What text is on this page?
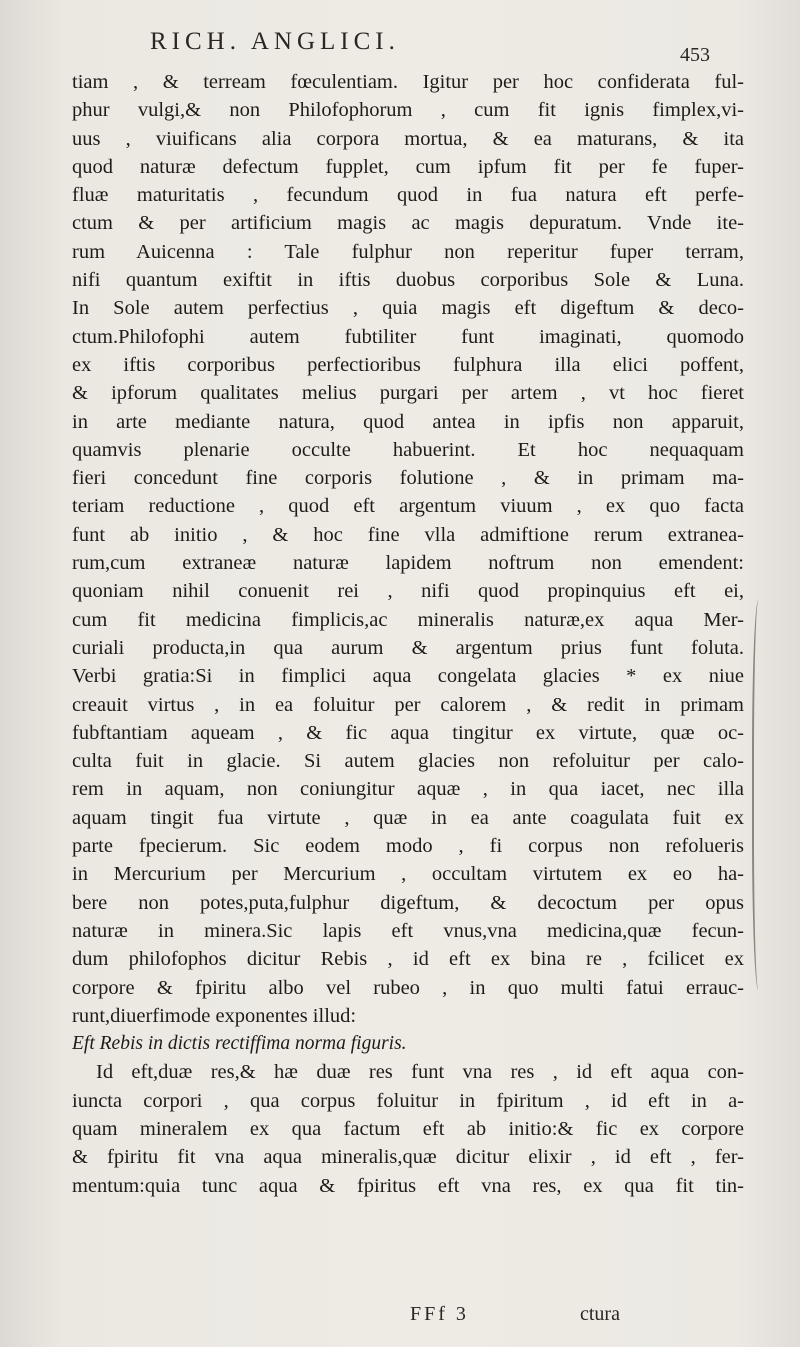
RICH. ANGLICI.	453
tiam , & terream fœculentiam. Igitur per hoc confiderata ful-
phur vulgi,& non Philofophorum , cum fit ignis fimplex,vi-
uus , viuificans alia corpora mortua, & ea maturans, & ita
quod naturæ defectum fupplet, cum ipfum fit per fe fuper-
fluæ maturitatis , fecundum quod in fua natura eft perfe-
ctum & per artificium magis ac magis depuratum. Vnde ite-
rum Auicenna : Tale fulphur non reperitur fuper terram,
nifi quantum exiftit in iftis duobus corporibus Sole & Luna.
In Sole autem perfectius , quia magis eft digeftum & deco-
ctum.Philofophi autem fubtiliter funt imaginati, quomodo
ex iftis corporibus perfectioribus fulphura illa elici poffent,
& ipforum qualitates melius purgari per artem , vt hoc fieret
in arte mediante natura, quod antea in ipfis non apparuit,
quamvis plenarie occulte habuerint. Et hoc nequaquam
fieri concedunt fine corporis folutione , & in primam ma-
teriam reductione , quod eft argentum viuum , ex quo facta
funt ab initio , & hoc fine vlla admiftione rerum extranea-
rum,cum extraneæ naturæ lapidem noftrum non emendent:
quoniam nihil conuenit rei , nifi quod propinquius eft ei,
cum fit medicina fimplicis,ac mineralis naturæ,ex aqua Mer-
curiali producta,in qua aurum & argentum prius funt foluta.
Verbi gratia:Si in fimplici aqua congelata glacies * ex niue
creauit virtus , in ea foluitur per calorem , & redit in primam
fubftantiam aqueam , & fic aqua tingitur ex virtute, quæ oc-
culta fuit in glacie. Si autem glacies non refoluitur per calo-
rem in aquam, non coniungitur aquæ , in qua iacet, nec illa
aquam tingit fua virtute , quæ in ea ante coagulata fuit ex
parte fpecierum. Sic eodem modo , fi corpus non refolueris
in Mercurium per Mercurium , occultam virtutem ex eo ha-
bere non potes,puta,fulphur digeftum, & decoctum per opus
naturæ in minera.Sic lapis eft vnus,vna medicina,quæ fecun-
dum philofophos dicitur Rebis , id eft ex bina re , fcilicet ex
corpore & fpiritu albo vel rubeo , in quo multi fatui errauc-
runt,diuerfimode exponentes illud:
Eft Rebis in dictis rectiffima norma figuris.
Id eft,duæ res,& hæ duæ res funt vna res , id eft aqua con-
iuncta corpori , qua corpus foluitur in fpiritum , id eft in a-
quam mineralem ex qua factum eft ab initio:& fic ex corpore
& fpiritu fit vna aqua mineralis,quæ dicitur elixir , id eft , fer-
mentum:quia tunc aqua & fpiritus eft vna res, ex qua fit tin-
FFf 3	ctura
